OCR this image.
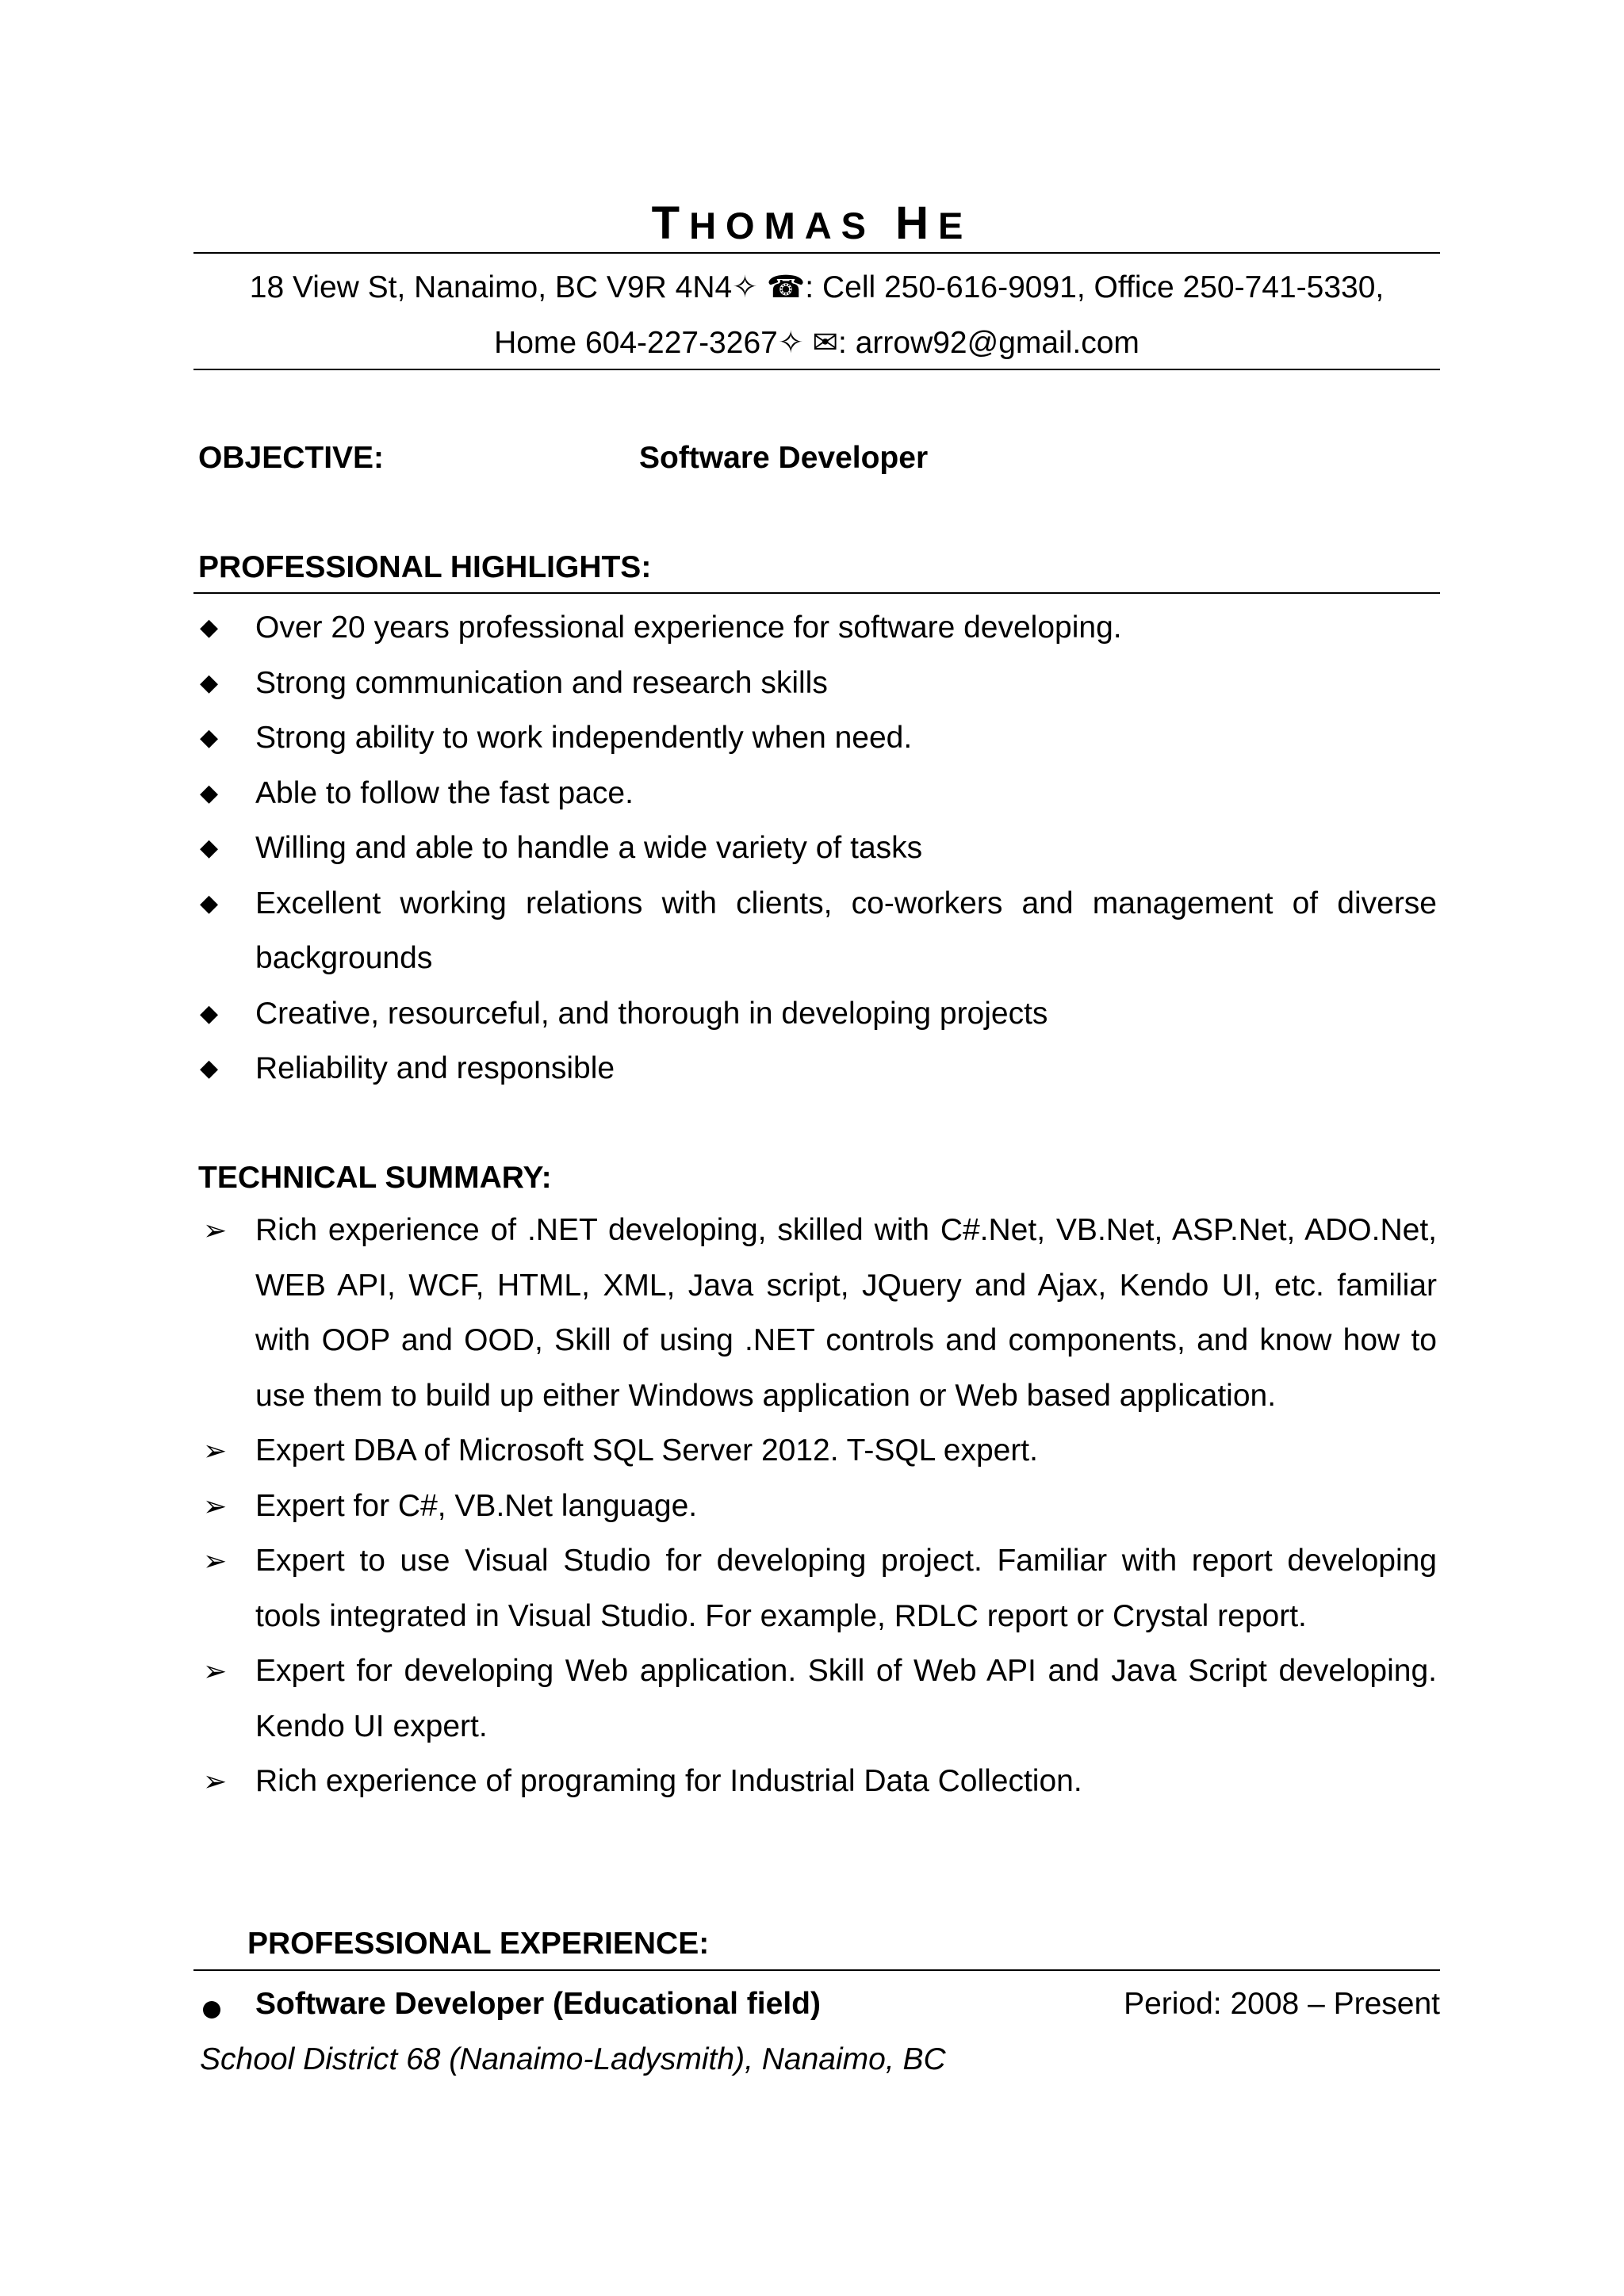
THOMAS HE
18 View St, Nanaimo, BC V9R 4N4✧ ☎: Cell 250-616-9091, Office 250-741-5330,
Home 604-227-3267✧ ✉: arrow92@gmail.com
OBJECTIVE:	Software Developer
PROFESSIONAL HIGHLIGHTS:
◆	Over 20 years professional experience for software developing.
◆	Strong communication and research skills
◆	Strong ability to work independently when need.
◆	Able to follow the fast pace.
◆	Willing and able to handle a wide variety of tasks
◆	Excellent working relations with clients, co-workers and management of diverse backgrounds
◆	Creative, resourceful, and thorough in developing projects
◆	Reliability and responsible
TECHNICAL SUMMARY:
➢ Rich experience of .NET developing, skilled with C#.Net, VB.Net, ASP.Net, ADO.Net, WEB API, WCF, HTML, XML, Java script, JQuery and Ajax, Kendo UI, etc. familiar with OOP and OOD, Skill of using .NET controls and components, and know how to use them to build up either Windows application or Web based application.
➢ Expert DBA of Microsoft SQL Server 2012. T-SQL expert.
➢ Expert for C#, VB.Net language.
➢ Expert to use Visual Studio for developing project. Familiar with report developing tools integrated in Visual Studio. For example, RDLC report or Crystal report.
➢ Expert for developing Web application. Skill of Web API and Java Script developing. Kendo UI expert.
➢ Rich experience of programing for Industrial Data Collection.
PROFESSIONAL EXPERIENCE:
Software Developer (Educational field)	Period: 2008 – Present
School District 68 (Nanaimo-Ladysmith), Nanaimo, BC
